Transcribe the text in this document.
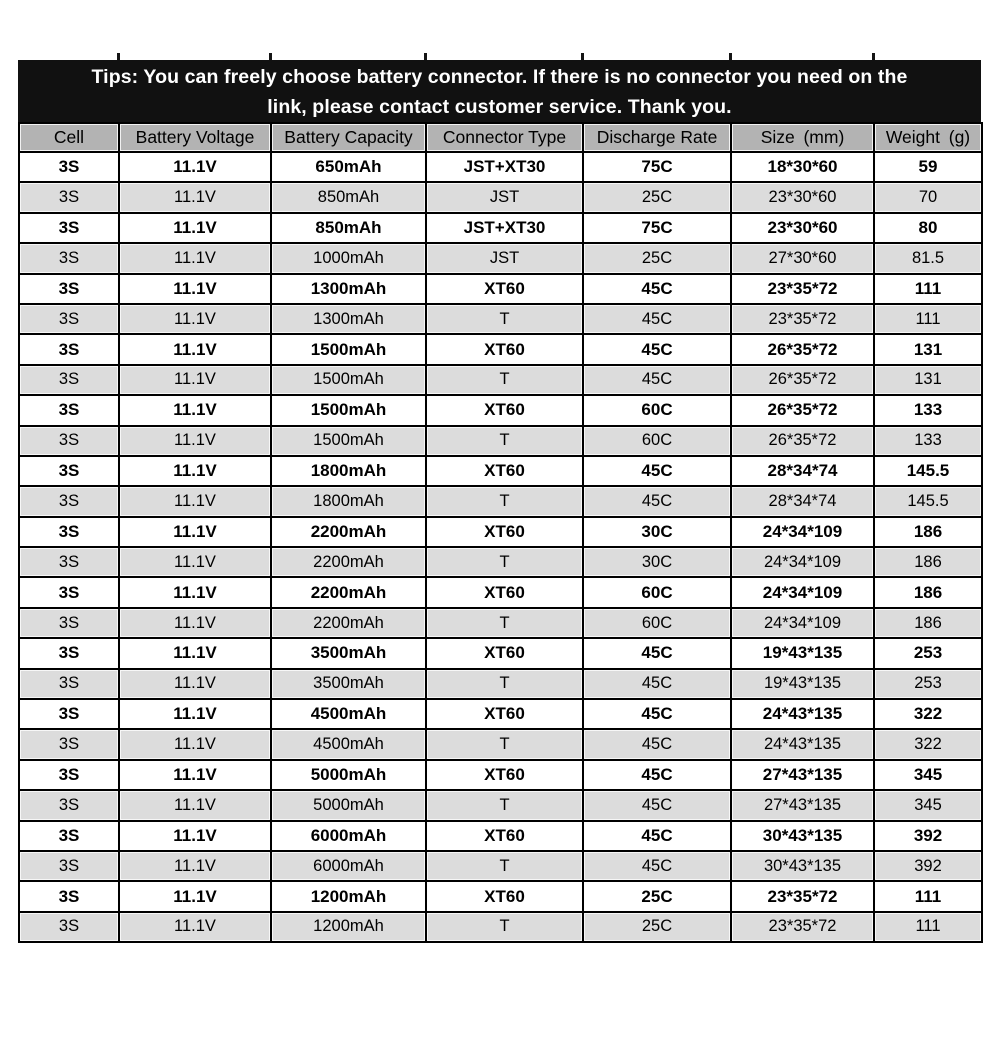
Tips: You can freely choose battery connector. If there is no connector you need on the
link, please contact customer service. Thank you.
Cell	Battery Voltage	Battery Capacity	Connector Type	Discharge Rate	Size (mm)	Weight (g)
3S	11.1V	650mAh	JST+XT30	75C	18*30*60	59
3S	11.1V	850mAh	JST	25C	23*30*60	70
3S	11.1V	850mAh	JST+XT30	75C	23*30*60	80
3S	11.1V	1000mAh	JST	25C	27*30*60	81.5
3S	11.1V	1300mAh	XT60	45C	23*35*72	111
3S	11.1V	1300mAh	T	45C	23*35*72	111
3S	11.1V	1500mAh	XT60	45C	26*35*72	131
3S	11.1V	1500mAh	T	45C	26*35*72	131
3S	11.1V	1500mAh	XT60	60C	26*35*72	133
3S	11.1V	1500mAh	T	60C	26*35*72	133
3S	11.1V	1800mAh	XT60	45C	28*34*74	145.5
3S	11.1V	1800mAh	T	45C	28*34*74	145.5
3S	11.1V	2200mAh	XT60	30C	24*34*109	186
3S	11.1V	2200mAh	T	30C	24*34*109	186
3S	11.1V	2200mAh	XT60	60C	24*34*109	186
3S	11.1V	2200mAh	T	60C	24*34*109	186
3S	11.1V	3500mAh	XT60	45C	19*43*135	253
3S	11.1V	3500mAh	T	45C	19*43*135	253
3S	11.1V	4500mAh	XT60	45C	24*43*135	322
3S	11.1V	4500mAh	T	45C	24*43*135	322
3S	11.1V	5000mAh	XT60	45C	27*43*135	345
3S	11.1V	5000mAh	T	45C	27*43*135	345
3S	11.1V	6000mAh	XT60	45C	30*43*135	392
3S	11.1V	6000mAh	T	45C	30*43*135	392
3S	11.1V	1200mAh	XT60	25C	23*35*72	111
3S	11.1V	1200mAh	T	25C	23*35*72	111
